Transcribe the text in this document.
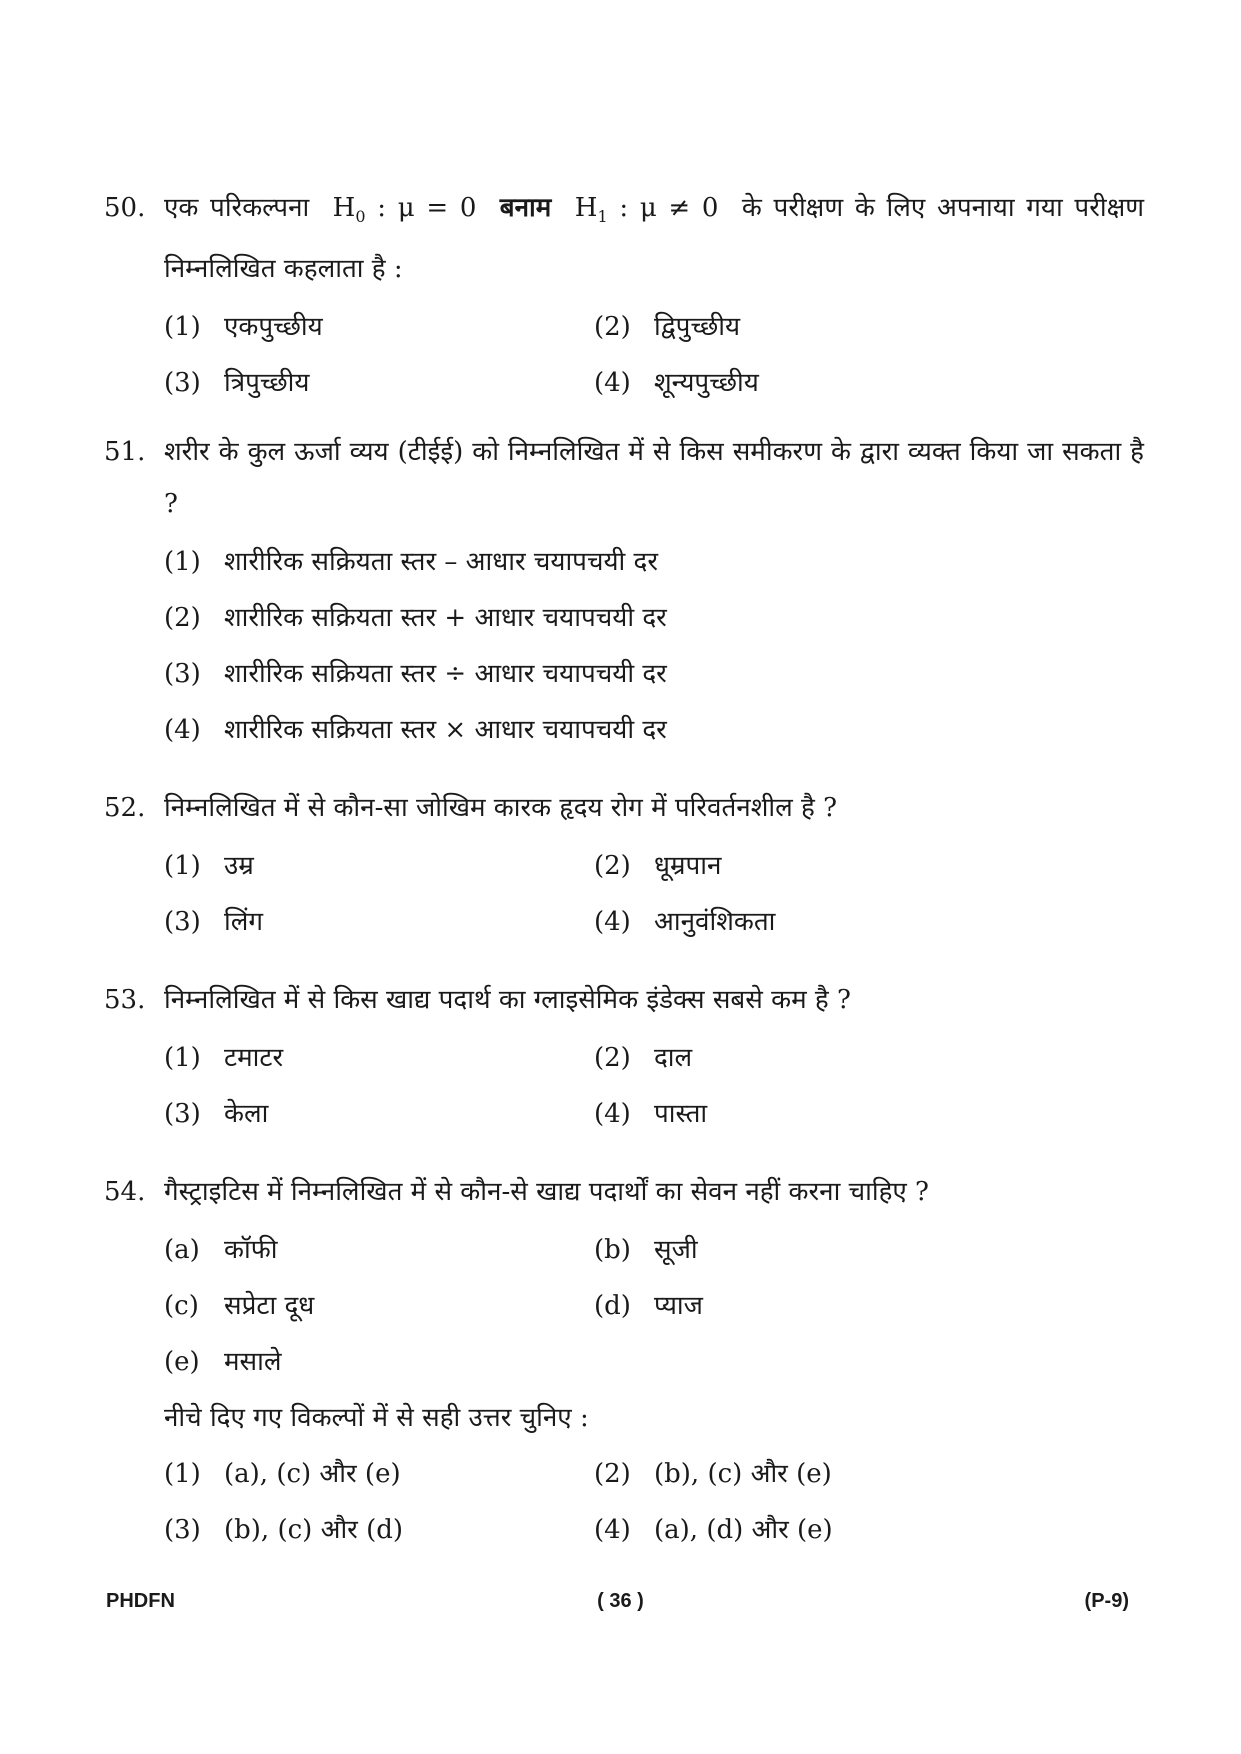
50. एक परिकल्पना $H_0$ : μ = 0 बनाम $H_1$ : μ ≠ 0 के परीक्षण के लिए अपनाया गया परीक्षण निम्नलिखित कहलाता है :
(1) एकपुच्छीय	(2) द्विपुच्छीय
(3) त्रिपुच्छीय	(4) शून्यपुच्छीय
51. शरीर के कुल ऊर्जा व्यय (टीईई) को निम्नलिखित में से किस समीकरण के द्वारा व्यक्त किया जा सकता है ?
(1) शारीरिक सक्रियता स्तर – आधार चयापचयी दर
(2) शारीरिक सक्रियता स्तर + आधार चयापचयी दर
(3) शारीरिक सक्रियता स्तर ÷ आधार चयापचयी दर
(4) शारीरिक सक्रियता स्तर × आधार चयापचयी दर
52. निम्नलिखित में से कौन-सा जोखिम कारक हृदय रोग में परिवर्तनशील है ?
(1) उम्र	(2) धूम्रपान
(3) लिंग	(4) आनुवंशिकता
53. निम्नलिखित में से किस खाद्य पदार्थ का ग्लाइसेमिक इंडेक्स सबसे कम है ?
(1) टमाटर	(2) दाल
(3) केला	(4) पास्ता
54. गैस्ट्राइटिस में निम्नलिखित में से कौन-से खाद्य पदार्थों का सेवन नहीं करना चाहिए ?
(a) कॉफी	(b) सूजी
(c) सप्रेटा दूध	(d) प्याज
(e) मसाले
नीचे दिए गए विकल्पों में से सही उत्तर चुनिए :
(1) (a), (c) और (e)	(2) (b), (c) और (e)
(3) (b), (c) और (d)	(4) (a), (d) और (e)
PHDFN	( 36 )	(P-9)
